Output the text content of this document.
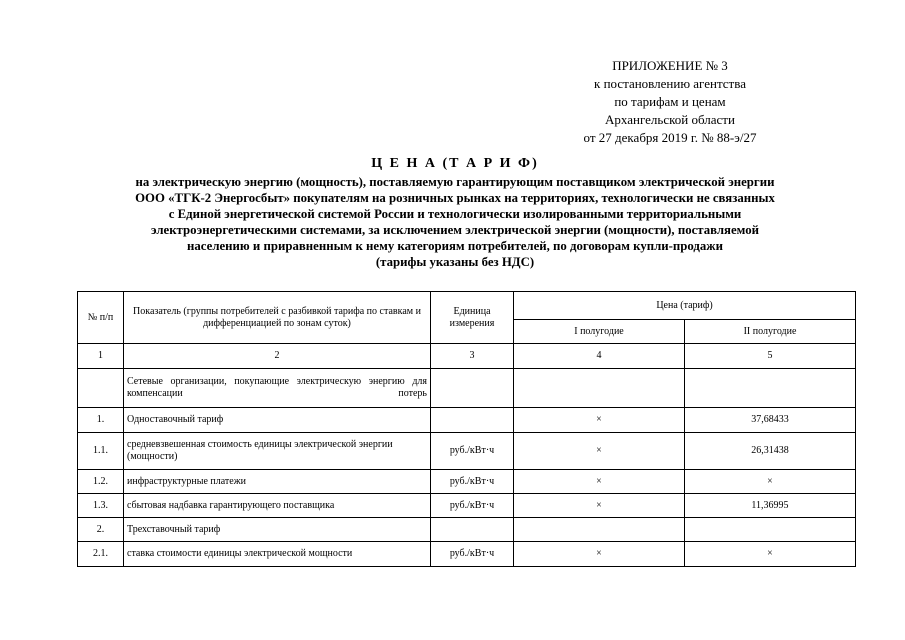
ПРИЛОЖЕНИЕ № 3
к постановлению агентства
по тарифам и ценам
Архангельской области
от 27 декабря 2019 г. № 88-э/27
Ц Е Н А (Т А Р И Ф)
на электрическую энергию (мощность), поставляемую гарантирующим поставщиком электрической энергии
ООО «ТГК-2 Энергосбыт» покупателям на розничных рынках на территориях, технологически не связанных
с Единой энергетической системой России и технологически изолированными территориальными
электроэнергетическими системами, за исключением электрической энергии (мощности), поставляемой
населению и приравненным к нему категориям потребителей, по договорам купли-продажи
(тарифы указаны без НДС)
№ п/п	Показатель (группы потребителей с разбивкой тарифа по ставкам и дифференциацией по зонам суток)	Единица измерения	Цена (тариф)	
			I полугодие	II полугодие
1	2	3	4	5
	Сетевые организации, покупающие электрическую энергию для компенсации потерь			
1.	Одноставочный тариф		×	37,68433
1.1.	средневзвешенная стоимость единицы электрической энергии (мощности)	руб./кВт·ч	×	26,31438
1.2.	инфраструктурные платежи	руб./кВт·ч	×	×
1.3.	сбытовая надбавка гарантирующего поставщика	руб./кВт·ч	×	11,36995
2.	Трехставочный тариф			
2.1.	ставка стоимости единицы электрической мощности	руб./кВт·ч	×	×
